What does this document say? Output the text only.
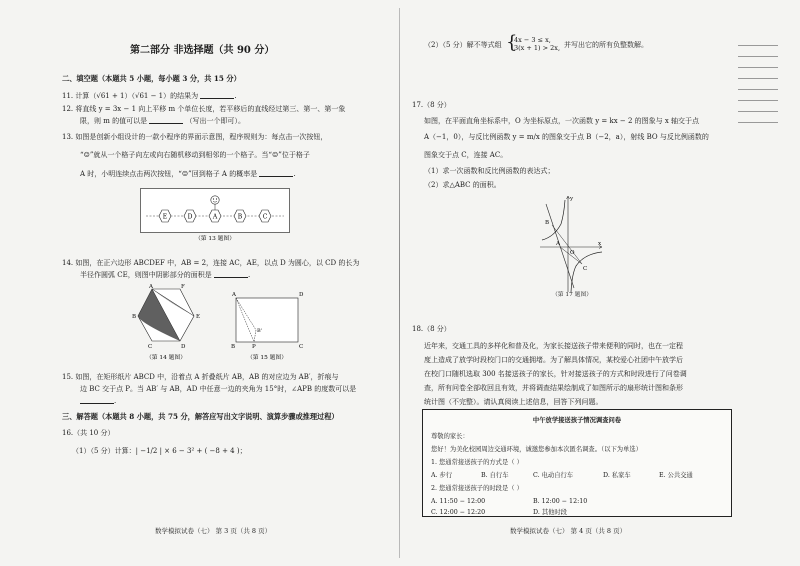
第二部分 非选择题（共 90 分）
二、填空题（本题共 5 小题，每小题 3 分，共 15 分）
11. 计算（√61 + 1）（√61 − 1）的结果为	.
12. 将直线 y = 3x − 1 向上平移 m 个单位长度，若平移后的直线经过第三、第一、第一象
限，则 m 的值可以是	（写出一个即可）。
13. 如图是创新小组设计的一款小程序的界面示意图，程序规则为：每点击一次按钮，
“☺”就从一个格子向左或向右随机移动到相邻的一个格子。当“☺”位于格子
A 时，小明连续点击两次按钮，“☺”回到格子 A 的概率是	.
E	D	A	B	C
（第 13 题图）
14. 如图，在正六边形 ABCDEF 中，AB = 2，连接 AC，AE，以点 D 为圆心，以 CD 的长为
半径作圆弧 CE，则图中阴影部分的面积是	.
A	F
B	E
C	D
（第 14 题图）
A	D
B'
B	P	C
（第 15 题图）
15. 如图，在矩形纸片 ABCD 中，沿着点 A 折叠纸片 AB，AB 的对应边为 AB′，折痕与
边 BC 交于点 P。当 AB′ 与 AB，AD 中任意一边的夹角为 15°时，∠APB 的度数可以是
.
三、解答题（本题共 8 小题，共 75 分，解答应写出文字说明、演算步骤或推理过程）
16.（共 10 分）
（1）（5 分）计算：| −1/2 | × 6 − 3² + ( −8 + 4 )；
数学模拟试卷（七） 第 3 页（共 8 页）
（2）（5 分）解不等式组 {
4x − 3 ≤ x,
3(x + 1) > 2x, 并写出它的所有负整数解。
17.（8 分）
如图，在平面直角坐标系中，O 为坐标原点，一次函数 y = kx − 2 的图象与 x 轴交于点
A（−1，0），与反比例函数 y = m/x 的图象交于点 B（−2，a），射线 BO 与反比例函数的
图象交于点 C，连接 AC。
（1）求一次函数和反比例函数的表达式；
（2）求△ABC 的面积。
y
B
A
O
x
C
（第 17 题图）
18.（8 分）
近年来，交通工具的多样化和普及化，为家长接送孩子带来便利的同时，也在一定程
度上造成了放学时段校门口的交通拥堵。为了解具体情况，某校爱心社团中午放学后
在校门口随机选取 300 名接送孩子的家长，针对接送孩子的方式和时段进行了问卷调
查，所有问卷全部收回且有效，并将调查结果绘制成了如图所示的扇形统计图和条形
统计图（不完整）。请认真阅读上述信息，回答下列问题。
中午放学接送孩子情况调查问卷
尊敬的家长：
您好！为美化校园周边交通环境，诚邀您参加本次匿名调查。（以下为单选）
1. 您通常接送孩子的方式是（ ）
A. 步行	B. 自行车	C. 电动自行车	D. 私家车	E. 公共交通
2. 您通常接送孩子的时段是（ ）
A. 11:50 − 12:00	B. 12:00 − 12:10
C. 12:00 − 12:20	D. 其他时段
数学模拟试卷（七） 第 4 页（共 8 页）
